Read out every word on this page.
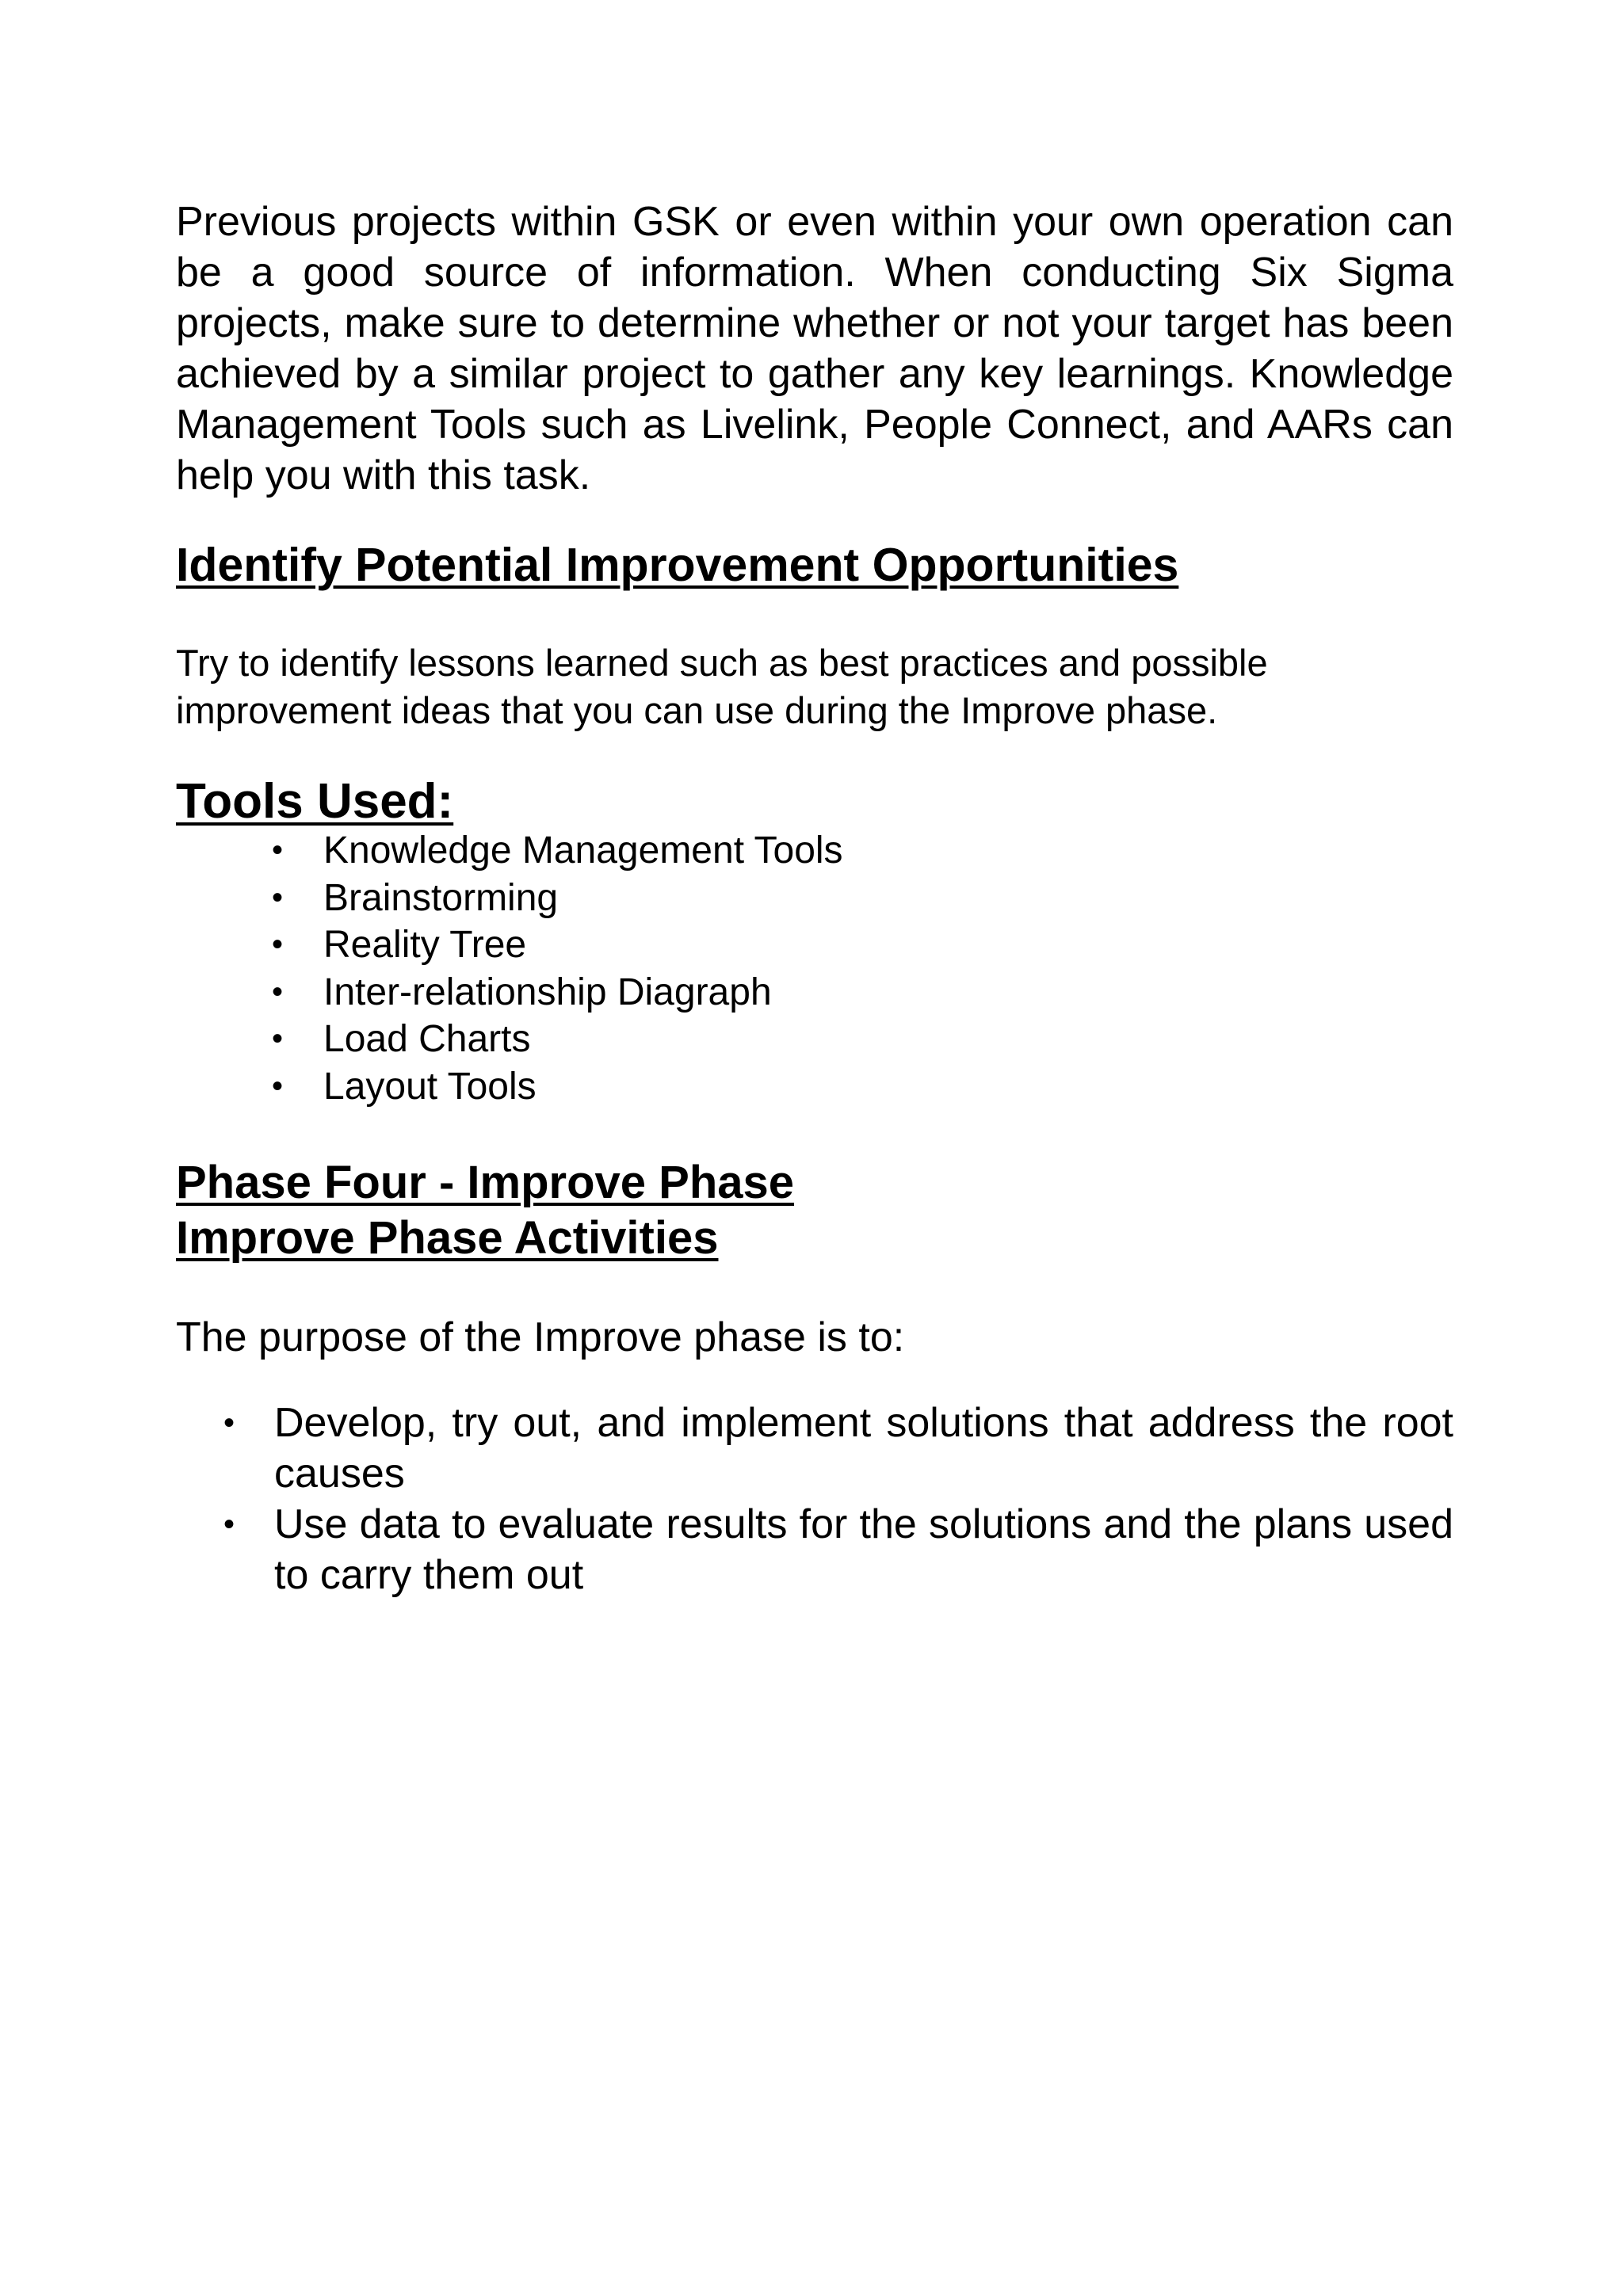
Previous projects within GSK or even within your own operation can be a good source of information. When conducting Six Sigma projects, make sure to determine whether or not your target has been achieved by a similar project to gather any key learnings. Knowledge Management Tools such as Livelink, People Connect, and AARs can help you with this task.

Identify Potential Improvement Opportunities

Try to identify lessons learned such as best practices and possible improvement ideas that you can use during the Improve phase.

Tools Used:
• Knowledge Management Tools
• Brainstorming
• Reality Tree
• Inter-relationship Diagraph
• Load Charts
• Layout Tools
Phase Four - Improve Phase
Improve Phase Activities

The purpose of the Improve phase is to:

• Develop, try out, and implement solutions that address the root causes
• Use data to evaluate results for the solutions and the plans used to carry them out
